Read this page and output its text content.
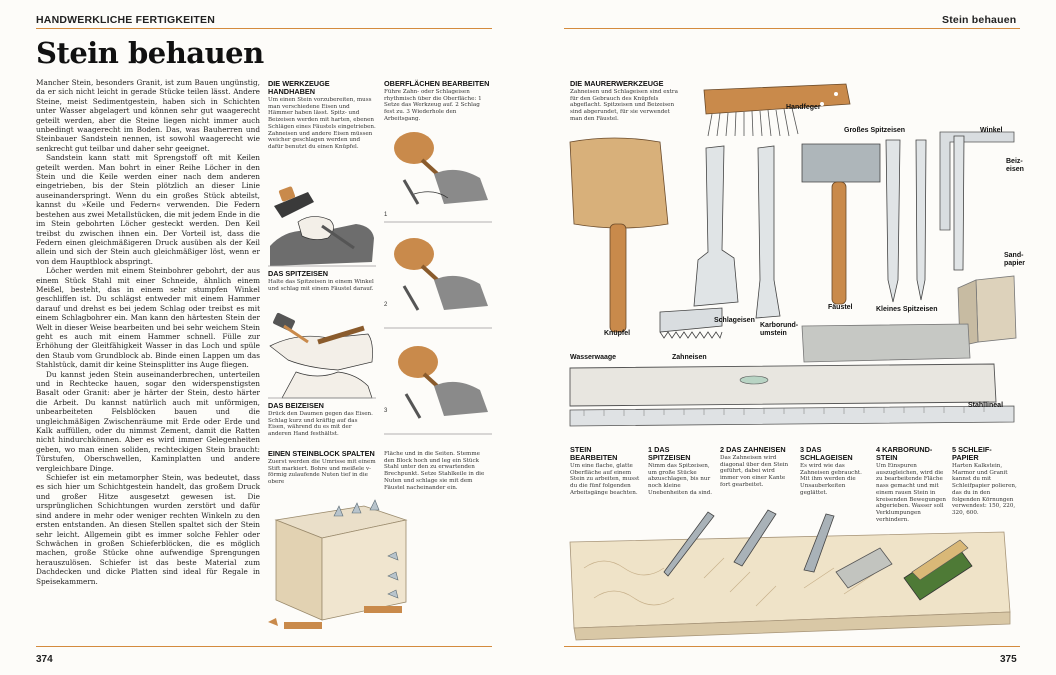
HANDWERKLICHE FERTIGKEITEN
Stein behauen

Mancher Stein, besonders Granit, ist zum Bauen ungünstig, da er sich nicht leicht in gerade Stücke teilen lässt. Andere Steine, meist Sedimentgestein, haben sich in Schichten unter Wasser abgelagert und können sehr gut waagerecht geteilt werden, aber die Steine liegen nicht immer auch unbedingt waagerecht im Boden. Das, was Bauherren und Steinbauer Sandstein nennen, ist sowohl waagerecht wie senkrecht gut teilbar und daher sehr geeignet.

Sandstein kann statt mit Sprengstoff oft mit Keilen geteilt werden. Man bohrt in einer Reihe Löcher in den Stein und die Keile werden einer nach dem anderen eingetrieben, bis der Stein plötzlich an dieser Linie auseinanderspringt. Wenn du ein großes Stück abteilst, kannst du »Keile und Federn« verwenden. Die Federn bestehen aus zwei Metallstücken, die mit jedem Ende in die im Stein gebohrten Löcher gesteckt werden. Den Keil treibst du zwischen ihnen ein. Der Vorteil ist, dass die Federn einen gleichmäßigeren Druck ausüben als der Keil allein und sich der Stein auch gleichmäßiger löst, wenn er von dem Hauptblock abspringt.

Löcher werden mit einem Steinbohrer gebohrt, der aus einem Stück Stahl mit einer Schneide, ähnlich einem Meißel, besteht, das in einem sehr stumpfen Winkel geschliffen ist. Du schlägst entweder mit einem Hammer darauf und drehst es bei jedem Schlag oder treibst es mit einem Schlagbohrer ein. Man kann den härtesten Stein der Welt in dieser Weise bearbeiten und bei sehr weichem Stein geht es auch mit einem Hammer schnell. Fülle zur Erhöhung der Gleitfähigkeit Wasser in das Loch und spüle den Staub vom Grundblock ab. Binde einen Lappen um das Stahlstück, damit dir keine Steinsplitter ins Auge fliegen.

Du kannst jeden Stein auseinanderbrechen, unterteilen und in Rechtecke hauen, sogar den widerspenstigsten Basalt oder Granit: aber je härter der Stein, desto härter die Arbeit. Du kannst natürlich auch mit unförmigen, unbearbeiteten Felsblöcken bauen und die ungleichmäßigen Zwischenräume mit Erde oder Erde und Kalk auffüllen, oder du nimmst Zement, damit die Ratten nicht hindurchkönnen. Aber es wird immer Gelegenheiten geben, wo man einen soliden, rechteckigen Stein braucht: Türstufen, Oberschwellen, Kaminplatten und andere vergleichbare Dinge.

Schiefer ist ein metamorpher Stein, was bedeutet, dass es sich hier um Schichtgestein handelt, das großem Druck und großer Hitze ausgesetzt gewesen ist. Die ursprünglichen Schichtungen wurden zerstört und dafür sind andere in mehr oder weniger rechten Winkeln zu den ersten entstanden. An diesen Stellen spaltet sich der Stein sehr leicht. Allgemein gibt es immer solche Fehler oder Schwächen in großen Schieferblöcken, die es möglich machen, große Stücke ohne aufwendige Sprengungen herauszulösen. Schiefer ist das beste Material zum Dachdecken und dicke Platten sind ideal für Regale in Speisekammern.

DIE WERKZEUGE HANDHABEN
Um einen Stein vorzubereiten, muss man verschiedene Eisen und Hämmer haben lässt. Spitz- und Beizeisen werden mit harten, ebenen Schlägen eines Fäustels eingetrieben. Zahneisen und andere Eisen müssen weicher geschlagen werden und dafür benutzt du einen Knüpfel.
DAS SPITZEISEN
Halte das Spitzeisen in einem Winkel und schlag mit einem Fäustel darauf.
DAS BEIZEISEN
Drück den Daumen gegen das Eisen. Schlag kurz und kräftig auf das Eisen, während du es mit der anderen Hand festhältst.
EINEN STEINBLOCK SPALTEN
Zuerst werden die Umrisse mit einem Stift markiert. Bohre und meißele v-förmig zulaufende Nuten tief in die obere
OBERFLÄCHEN BEARBEITEN
Führe Zahn- oder Schlageisen rhythmisch über die Oberfläche: 1 Setze das Werkzeug auf. 2 Schlag fest zu. 3 Wiederhole den Arbeitsgang.
1
2
3
Fläche und in die Seiten. Stemme den Block hoch und leg ein Stück Stahl unter den zu erwartenden Brechpunkt. Setze Stahlkeile in die Nuten und schlage sie mit dem Fäustel nacheinander ein.
374
Stein behauen
DIE MAURERWERKZEUGE
Zahneisen und Schlageisen sind extra für den Gebrauch des Knüpfels abgeflacht. Spitzeisen und Beizeisen sind abgerundet, für sie verwendet man den Fäustel.
Handfeger
Großes Spitzeisen	Winkel
Beiz-eisen
Sand-papier
Knüpfel
Schlageisen
Fäustel	Kleines Spitzeisen
Karborund-umstein
Zahneisen
Wasserwaage
Stahllineal
STEIN BEARBEITEN
Um eine flache, glatte Oberfläche auf einem Stein zu arbeiten, musst du die fünf folgenden Arbeitsgänge beachten.
1 DAS SPITZEISEN
Nimm das Spitzeisen, um große Stücke abzuschlagen, bis nur noch kleine Unebenheiten da sind.
2 DAS ZAHNEISEN
Das Zahneisen wird diagonal über den Stein geführt, dabei wird immer von einer Kante fort gearbeitet.
3 DAS SCHLAGEISEN
Es wird wie das Zahneisen gebraucht. Mit ihm werden die Unsauberkeiten geglättet.
4 KARBORUND-STEIN
Um Einspuren auszugleichen, wird die zu bearbeitende Fläche nass gemacht und mit einem rauen Stein in kreisenden Bewegungen abgerieben. Wasser soll Verklumpungen verhindern.
5 SCHLEIF-PAPIER
Harten Kalkstein, Marmor und Granit kannst du mit Schleifpapier polieren, das du in den folgenden Körnungen verwendest: 150, 220, 320, 600.
375
